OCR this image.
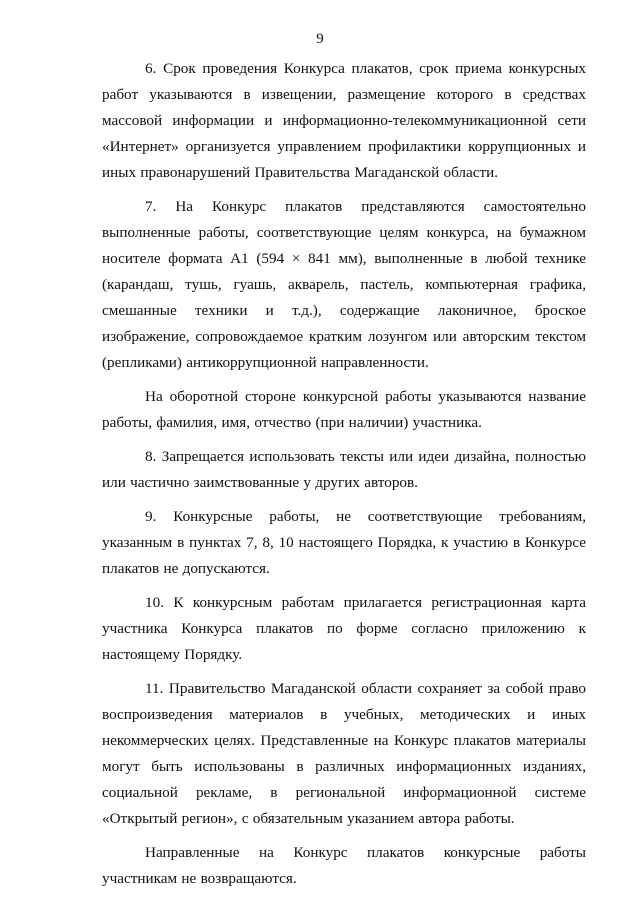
9

6. Срок проведения Конкурса плакатов, срок приема конкурсных работ указываются в извещении, размещение которого в средствах массовой информации и информационно-телекоммуникационной сети «Интернет» организуется управлением профилактики коррупционных и иных правонарушений Правительства Магаданской области.

7. На Конкурс плакатов представляются самостоятельно выполненные работы, соответствующие целям конкурса, на бумажном носителе формата А1 (594 × 841 мм), выполненные в любой технике (карандаш, тушь, гуашь, акварель, пастель, компьютерная графика, смешанные техники и т.д.), содержащие лаконичное, броское изображение, сопровождаемое кратким лозунгом или авторским текстом (репликами) антикоррупционной направленности.

На оборотной стороне конкурсной работы указываются название работы, фамилия, имя, отчество (при наличии) участника.

8. Запрещается использовать тексты или идеи дизайна, полностью или частично заимствованные у других авторов.

9. Конкурсные работы, не соответствующие требованиям, указанным в пунктах 7, 8, 10 настоящего Порядка, к участию в Конкурсе плакатов не допускаются.

10. К конкурсным работам прилагается регистрационная карта участника Конкурса плакатов по форме согласно приложению к настоящему Порядку.

11. Правительство Магаданской области сохраняет за собой право воспроизведения материалов в учебных, методических и иных некоммерческих целях. Представленные на Конкурс плакатов материалы могут быть использованы в различных информационных изданиях, социальной рекламе, в региональной информационной системе «Открытый регион», с обязательным указанием автора работы.

Направленные на Конкурс плакатов конкурсные работы участникам не возвращаются.
